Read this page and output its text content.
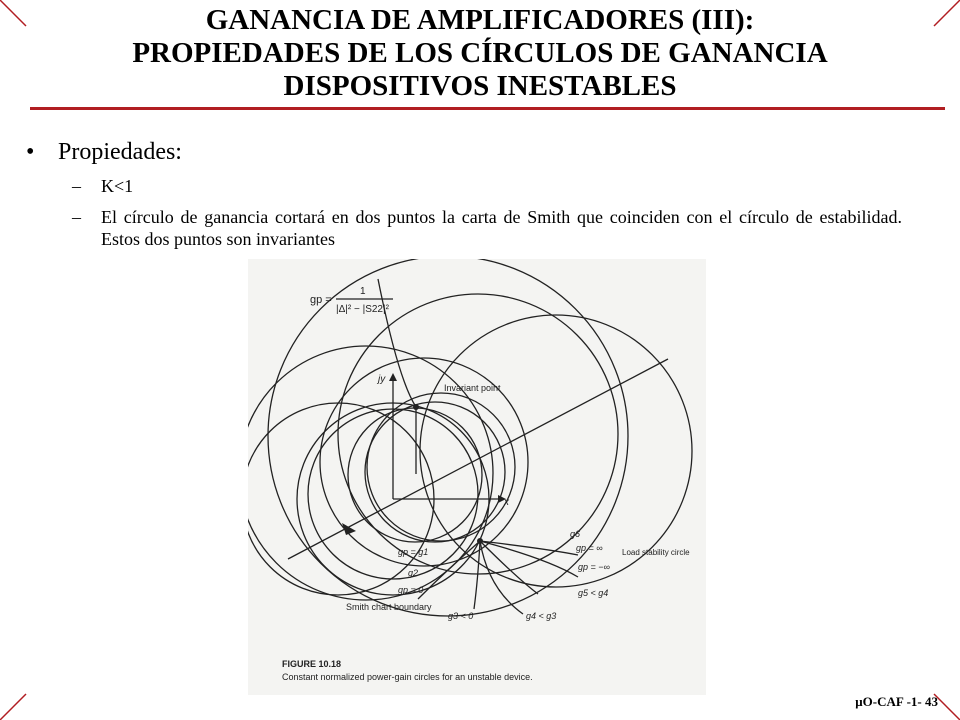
GANANCIA DE AMPLIFICADORES (III):
PROPIEDADES DE LOS CÍRCULOS DE GANANCIA
DISPOSITIVOS INESTABLES
• Propiedades:
– K<1
– El círculo de ganancia cortará en dos puntos la carta de Smith que coinciden con el círculo de estabilidad. Estos dos puntos son invariantes
gp =
1
|Δ|² − |S22|²
jy
x
Invariant point
g6
gp = ∞ Load stability circle
gp = −∞
g5 < g4
gp = g1
g2
gp = 0
Smith chart boundary
g3 < 0	g4 < g3
FIGURE 10.18
Constant normalized power-gain circles for an unstable device.
μO-CAF -1- 43
